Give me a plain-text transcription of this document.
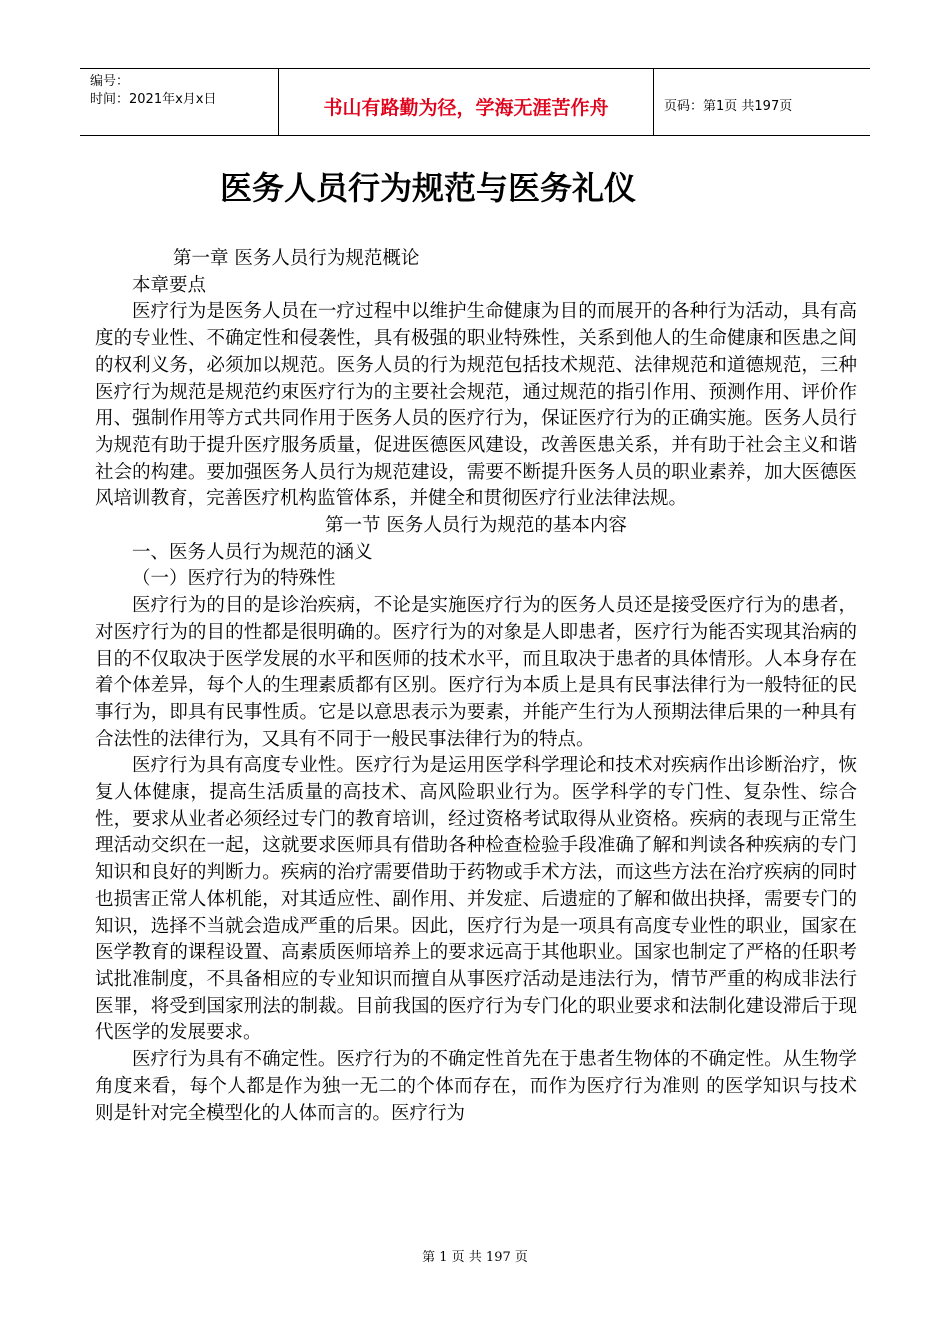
编号：
时间：2021年x月x日	书山有路勤为径，学海无涯苦作舟	页码：第1页 共197页
医务人员行为规范与医务礼仪

第一章 医务人员行为规范概论

本章要点

医疗行为是医务人员在一疗过程中以维护生命健康为目的而展开的各种行为活动，具有高度的专业性、不确定性和侵袭性，具有极强的职业特殊性，关系到他人的生命健康和医患之间的权利义务，必须加以规范。医务人员的行为规范包括技术规范、法律规范和道德规范，三种医疗行为规范是规范约束医疗行为的主要社会规范，通过规范的指引作用、预测作用、评价作用、强制作用等方式共同作用于医务人员的医疗行为，保证医疗行为的正确实施。医务人员行为规范有助于提升医疗服务质量，促进医德医风建设，改善医患关系，并有助于社会主义和谐社会的构建。要加强医务人员行为规范建设，需要不断提升医务人员的职业素养，加大医德医风培训教育，完善医疗机构监管体系，并健全和贯彻医疗行业法律法规。

第一节 医务人员行为规范的基本内容

一、医务人员行为规范的涵义

（一）医疗行为的特殊性

医疗行为的目的是诊治疾病，不论是实施医疗行为的医务人员还是接受医疗行为的患者，对医疗行为的目的性都是很明确的。医疗行为的对象是人即患者，医疗行为能否实现其治病的目的不仅取决于医学发展的水平和医师的技术水平，而且取决于患者的具体情形。人本身存在着个体差异，每个人的生理素质都有区别。医疗行为本质上是具有民事法律行为一般特征的民事行为，即具有民事性质。它是以意思表示为要素，并能产生行为人预期法律后果的一种具有合法性的法律行为，又具有不同于一般民事法律行为的特点。

医疗行为具有高度专业性。医疗行为是运用医学科学理论和技术对疾病作出诊断治疗，恢复人体健康，提高生活质量的高技术、高风险职业行为。医学科学的专门性、复杂性、综合性，要求从业者必须经过专门的教育培训，经过资格考试取得从业资格。疾病的表现与正常生理活动交织在一起，这就要求医师具有借助各种检查检验手段准确了解和判读各种疾病的专门知识和良好的判断力。疾病的治疗需要借助于药物或手术方法，而这些方法在治疗疾病的同时也损害正常人体机能，对其适应性、副作用、并发症、后遗症的了解和做出抉择，需要专门的知识，选择不当就会造成严重的后果。因此，医疗行为是一项具有高度专业性的职业，国家在医学教育的课程设置、高素质医师培养上的要求远高于其他职业。国家也制定了严格的任职考试批准制度，不具备相应的专业知识而擅自从事医疗活动是违法行为，情节严重的构成非法行医罪，将受到国家刑法的制裁。目前我国的医疗行为专门化的职业要求和法制化建设滞后于现代医学的发展要求。

医疗行为具有不确定性。医疗行为的不确定性首先在于患者生物体的不确定性。从生物学角度来看，每个人都是作为独一无二的个体而存在，而作为医疗行为准则 的医学知识与技术则是针对完全模型化的人体而言的。医疗行为

第 1 页 共 197 页
